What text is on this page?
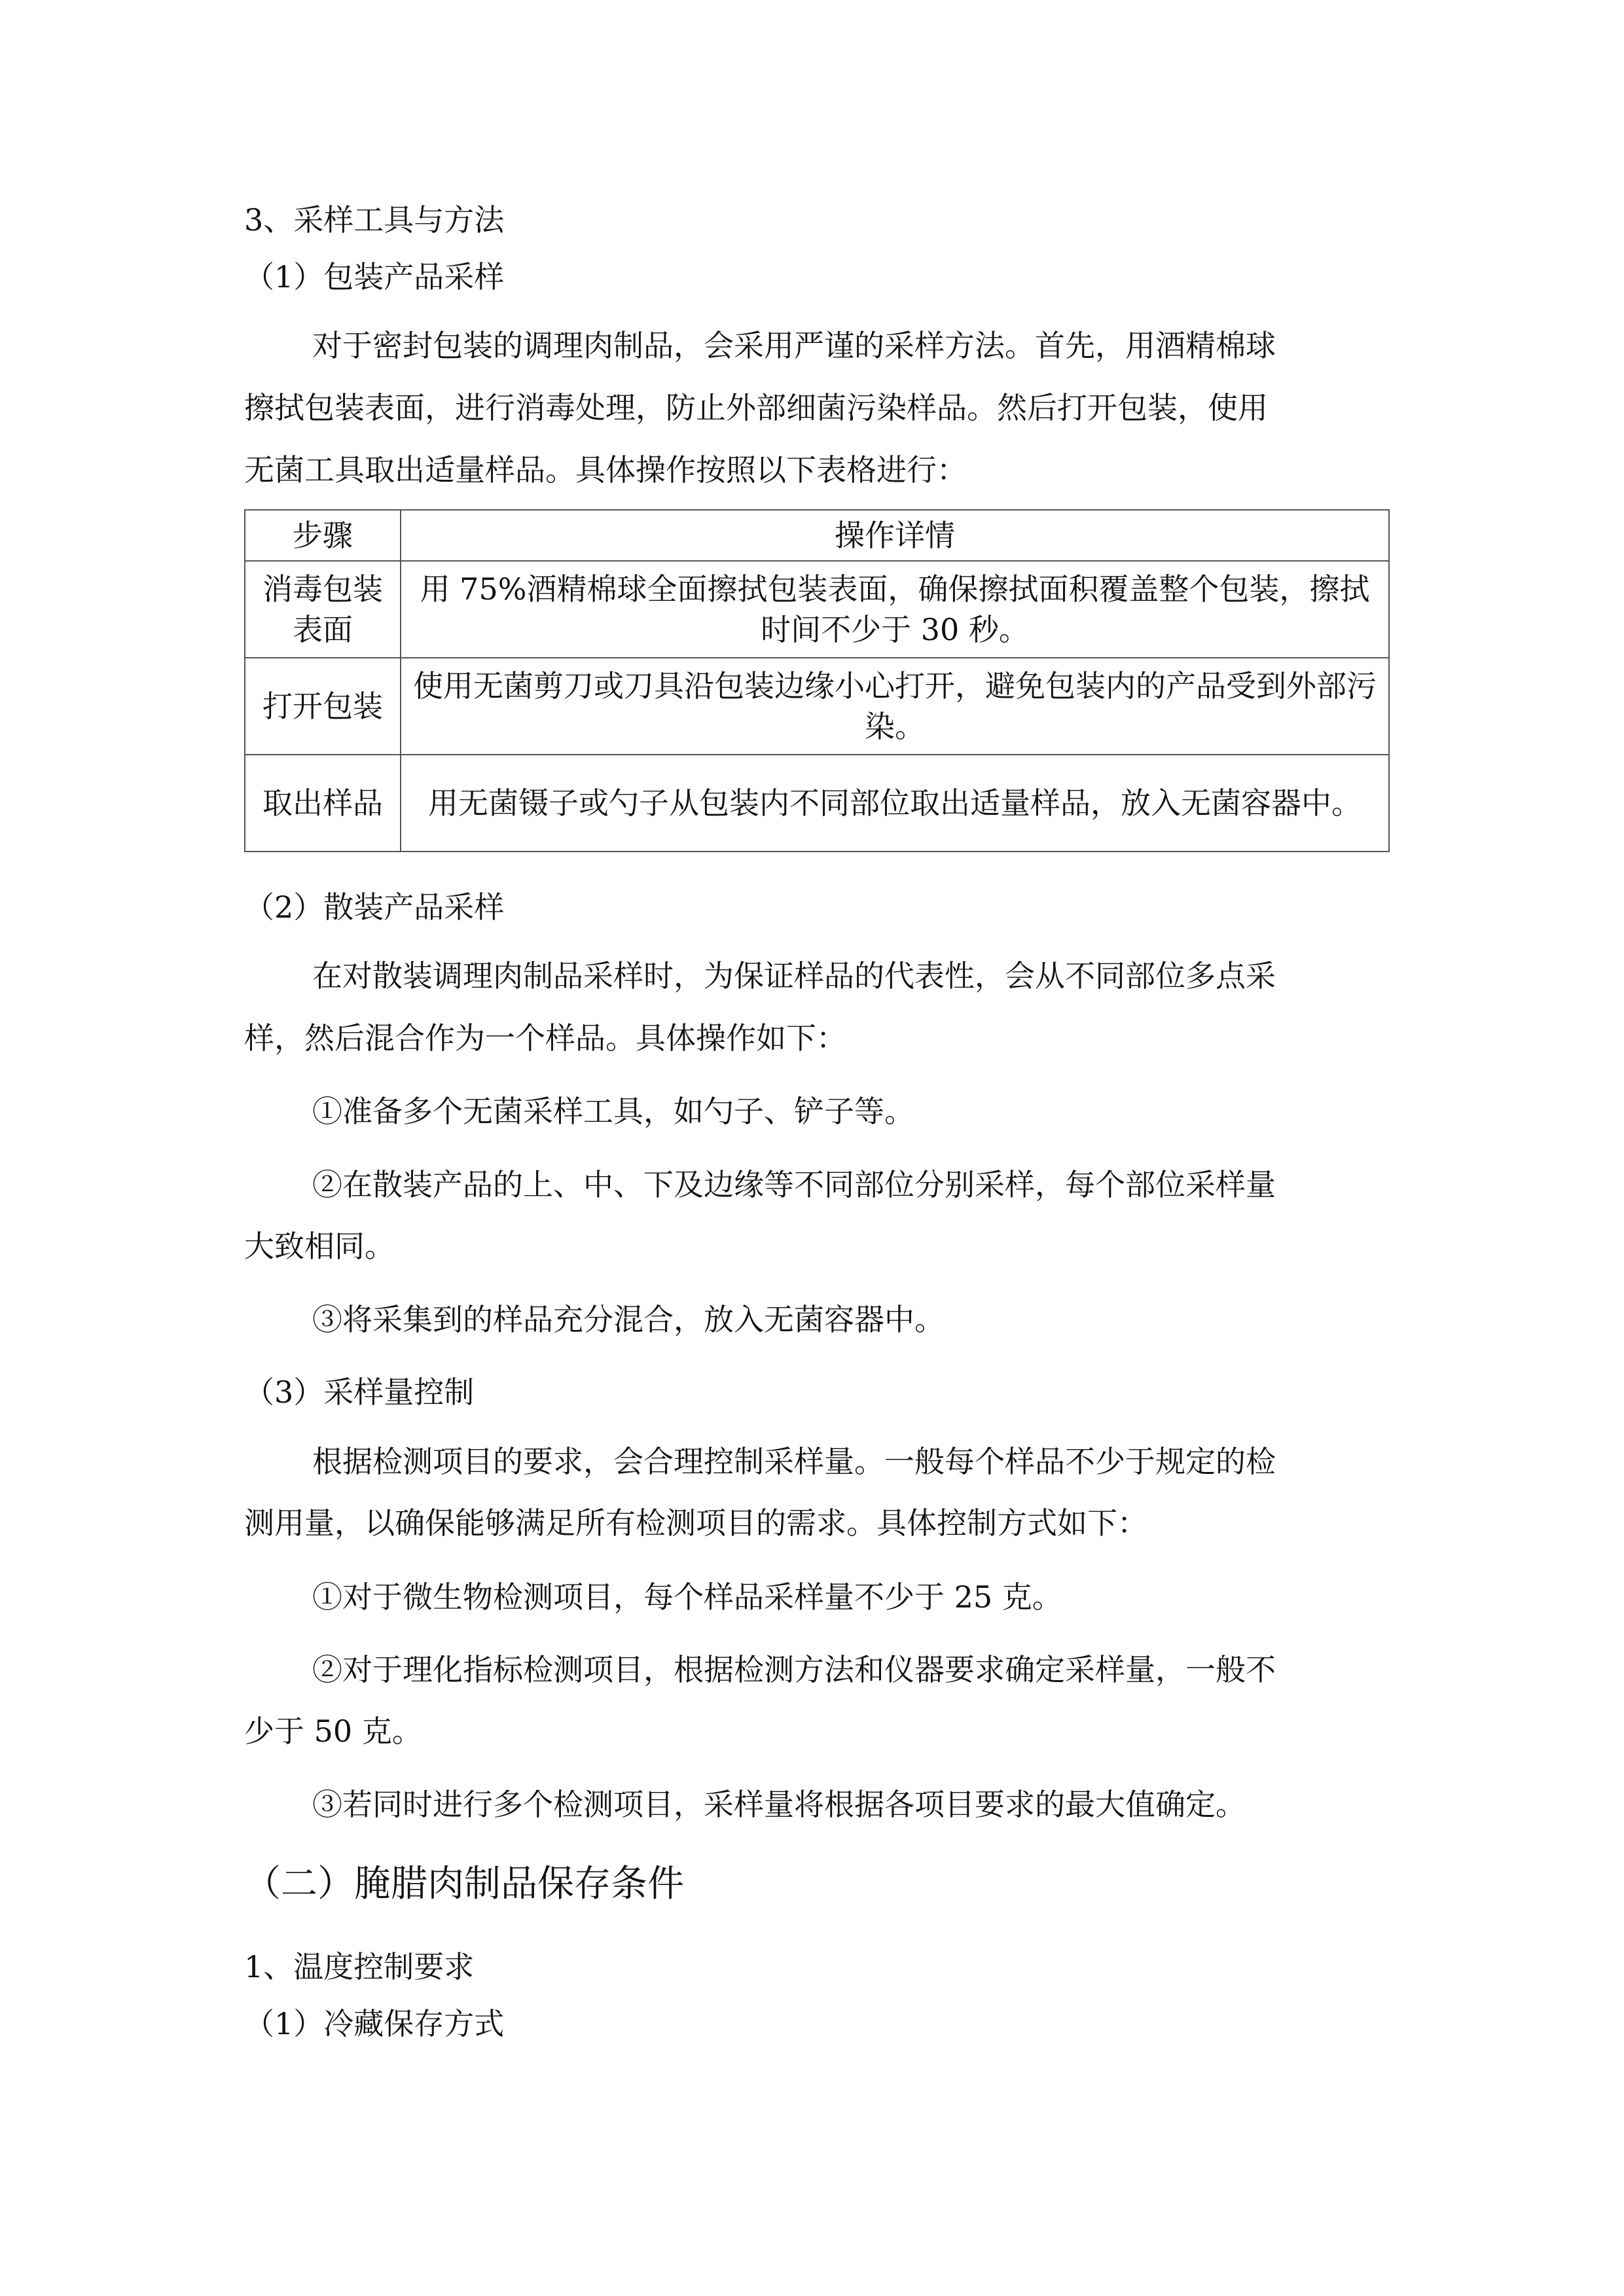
3、采样工具与方法
（1）包装产品采样
对于密封包装的调理肉制品，会采用严谨的采样方法。首先，用酒精棉球
擦拭包装表面，进行消毒处理，防止外部细菌污染样品。然后打开包装，使用
无菌工具取出适量样品。具体操作按照以下表格进行：
步骤	操作详情
消毒包装表面	用 75%酒精棉球全面擦拭包装表面，确保擦拭面积覆盖整个包装，擦拭时间不少于 30 秒。
打开包装	使用无菌剪刀或刀具沿包装边缘小心打开，避免包装内的产品受到外部污染。
取出样品	用无菌镊子或勺子从包装内不同部位取出适量样品，放入无菌容器中。
（2）散装产品采样
在对散装调理肉制品采样时，为保证样品的代表性，会从不同部位多点采
样，然后混合作为一个样品。具体操作如下：
①准备多个无菌采样工具，如勺子、铲子等。
②在散装产品的上、中、下及边缘等不同部位分别采样，每个部位采样量
大致相同。
③将采集到的样品充分混合，放入无菌容器中。
（3）采样量控制
根据检测项目的要求，会合理控制采样量。一般每个样品不少于规定的检
测用量，以确保能够满足所有检测项目的需求。具体控制方式如下：
①对于微生物检测项目，每个样品采样量不少于 25 克。
②对于理化指标检测项目，根据检测方法和仪器要求确定采样量，一般不
少于 50 克。
③若同时进行多个检测项目，采样量将根据各项目要求的最大值确定。
（二）腌腊肉制品保存条件
1、温度控制要求
（1）冷藏保存方式
